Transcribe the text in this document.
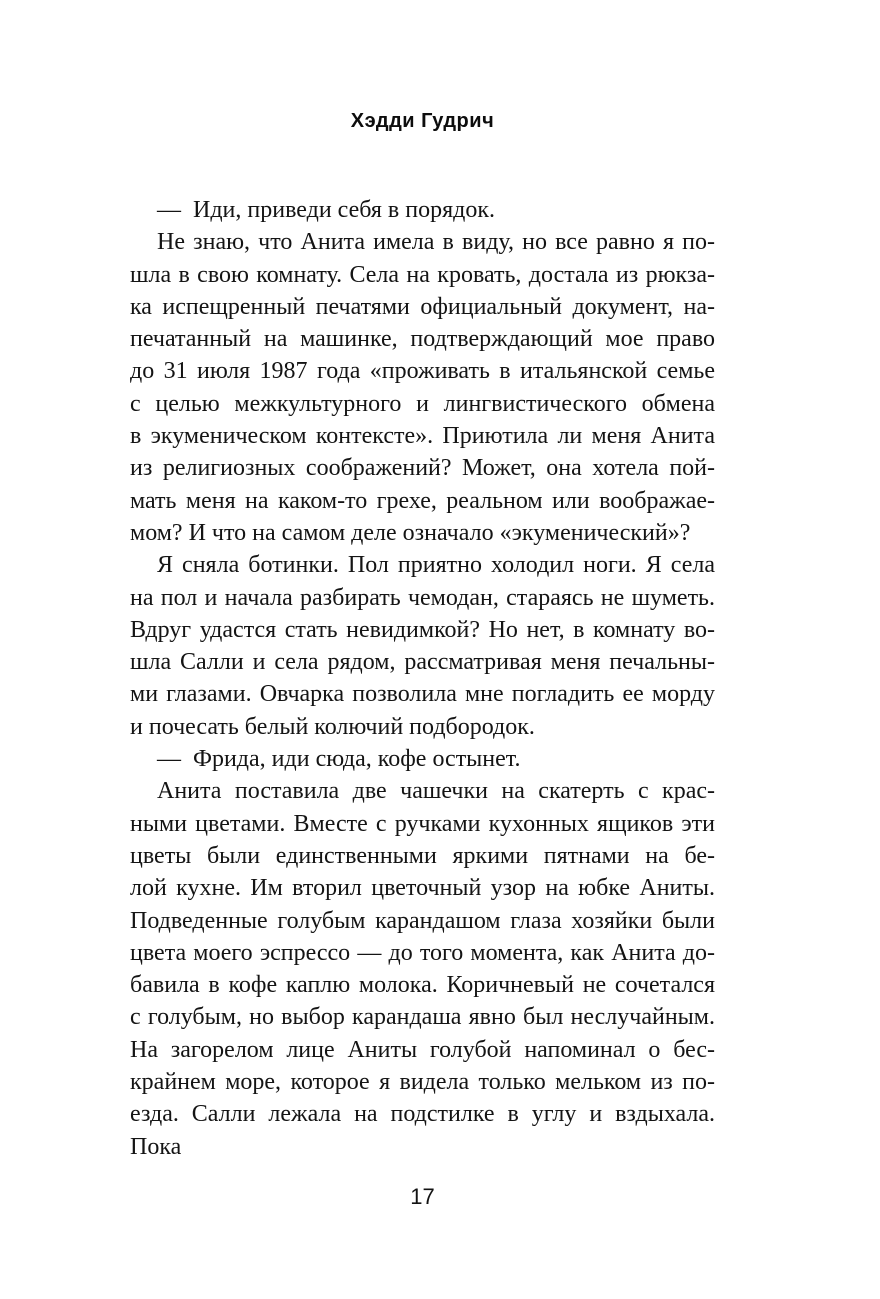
Хэдди Гудрич
— Иди, приведи себя в порядок.
Не знаю, что Анита имела в виду, но все равно я по-
шла в свою комнату. Села на кровать, достала из рюкза-
ка испещренный печатями официальный документ, на-
печатанный на машинке, подтверждающий мое право
до 31 июля 1987 года «проживать в итальянской семье
с целью межкультурного и лингвистического обмена
в экуменическом контексте». Приютила ли меня Анита
из религиозных соображений? Может, она хотела пой-
мать меня на каком-то грехе, реальном или воображае-
мом? И что на самом деле означало «экуменический»?
Я сняла ботинки. Пол приятно холодил ноги. Я села
на пол и начала разбирать чемодан, стараясь не шуметь.
Вдруг удастся стать невидимкой? Но нет, в комнату во-
шла Салли и села рядом, рассматривая меня печальны-
ми глазами. Овчарка позволила мне погладить ее морду
и почесать белый колючий подбородок.
— Фрида, иди сюда, кофе остынет.
Анита поставила две чашечки на скатерть с крас-
ными цветами. Вместе с ручками кухонных ящиков эти
цветы были единственными яркими пятнами на бе-
лой кухне. Им вторил цветочный узор на юбке Аниты.
Подведенные голубым карандашом глаза хозяйки были
цвета моего эспрессо — до того момента, как Анита до-
бавила в кофе каплю молока. Коричневый не сочетался
с голубым, но выбор карандаша явно был неслучайным.
На загорелом лице Аниты голубой напоминал о бес-
крайнем море, которое я видела только мельком из по-
езда. Салли лежала на подстилке в углу и вздыхала. Пока
17
